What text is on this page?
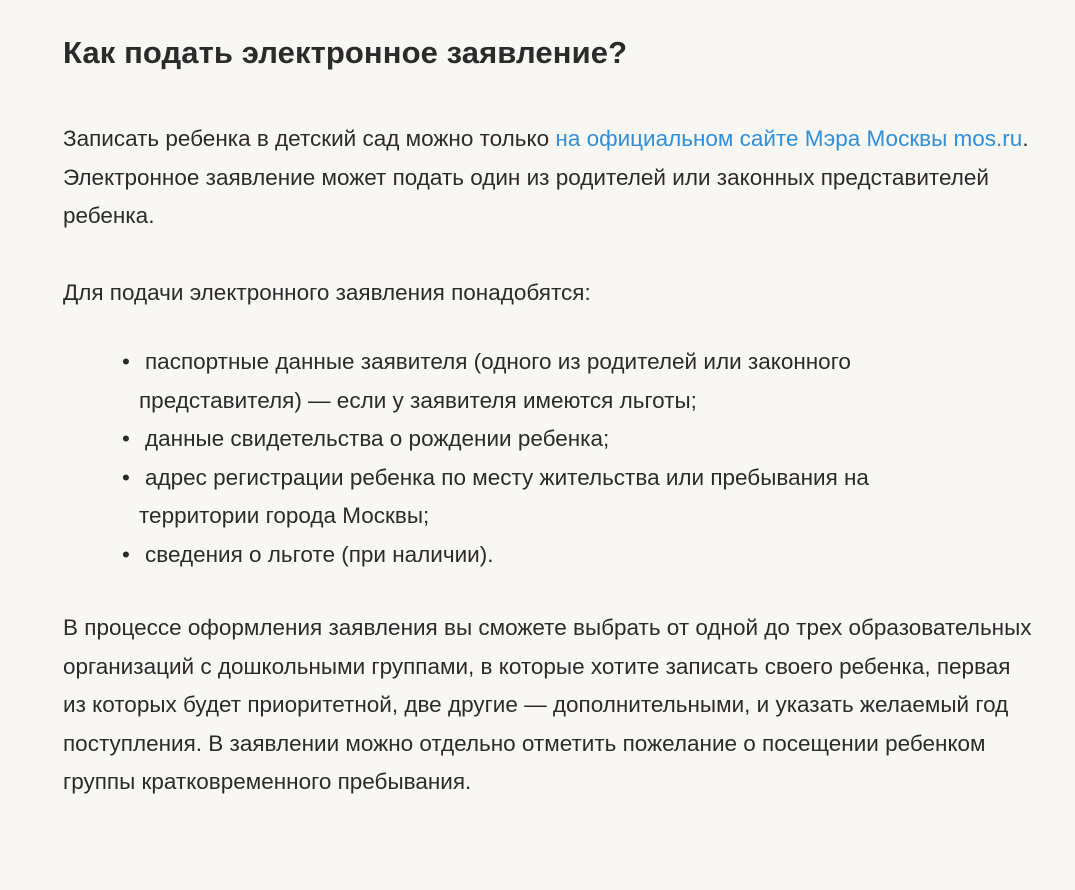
Как подать электронное заявление?

Записать ребенка в детский сад можно только на официальном сайте Мэра Москвы mos.ru. Электронное заявление может подать один из родителей или законных представителей ребенка.

Для подачи электронного заявления понадобятся:

• паспортные данные заявителя (одного из родителей или законного представителя) — если у заявителя имеются льготы;
• данные свидетельства о рождении ребенка;
• адрес регистрации ребенка по месту жительства или пребывания на территории города Москвы;
• сведения о льготе (при наличии).

В процессе оформления заявления вы сможете выбрать от одной до трех образовательных организаций с дошкольными группами, в которые хотите записать своего ребенка, первая из которых будет приоритетной, две другие — дополнительными, и указать желаемый год поступления. В заявлении можно отдельно отметить пожелание о посещении ребенком группы кратковременного пребывания.
